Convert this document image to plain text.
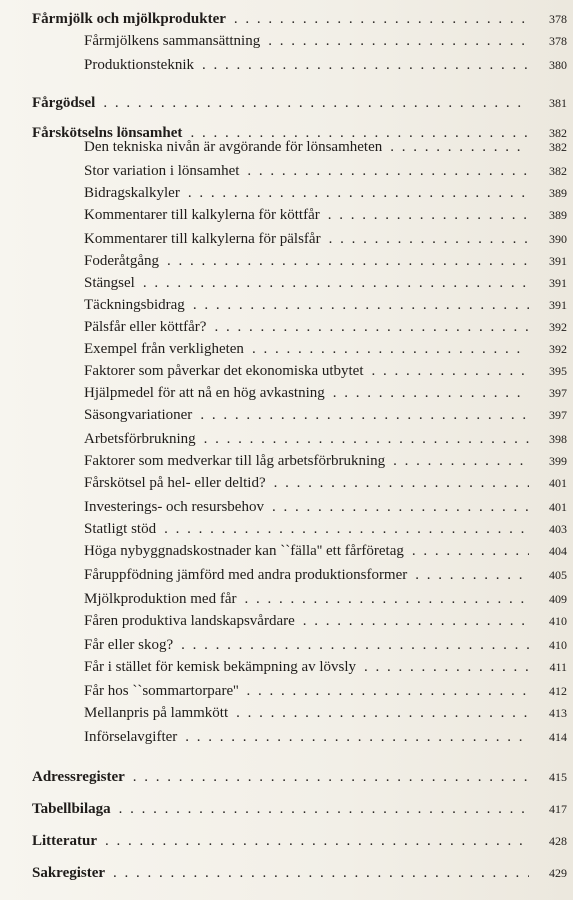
Fårmjölk och mjölkprodukter . . .	378
Fårmjölkens sammansättning . . .	378
Produktionsteknik . . .	380
Fårgödsel . . .	381
Fårskötselns lönsamhet . . .	382
Den tekniska nivån är avgörande för lönsamheten . . .	382
Stor variation i lönsamhet . . .	382
Bidragskalkyler . . .	389
Kommentarer till kalkylerna för köttfår . . .	389
Kommentarer till kalkylerna för pälsfår . . .	390
Foderåtgång . . .	391
Stängsel . . .	391
Täckningsbidrag . . .	391
Pälsfår eller köttfår? . . .	392
Exempel från verkligheten . . .	392
Faktorer som påverkar det ekonomiska utbytet . . .	395
Hjälpmedel för att nå en hög avkastning . . .	397
Säsongvariationer . . .	397
Arbetsförbrukning . . .	398
Faktorer som medverkar till låg arbetsförbrukning . . .	399
Fårskötsel på hel- eller deltid? . . .	401
Investerings- och resursbehov . . .	401
Statligt stöd . . .	403
Höga nybyggnadskostnader kan ``fälla'' ett fårföretag . . .	404
Fåruppfödning jämförd med andra produktionsformer . . .	405
Mjölkproduktion med får . . .	409
Fåren produktiva landskapsvårdare . . .	410
Får eller skog? . . .	410
Får i stället för kemisk bekämpning av lövsly . . .	411
Får hos ``sommartorpare'' . . .	412
Mellanpris på lammkött . . .	413
Införselavgifter . . .	414
Adressregister . . .	415
Tabellbilaga . . .	417
Litteratur . . .	428
Sakregister . . .	429
